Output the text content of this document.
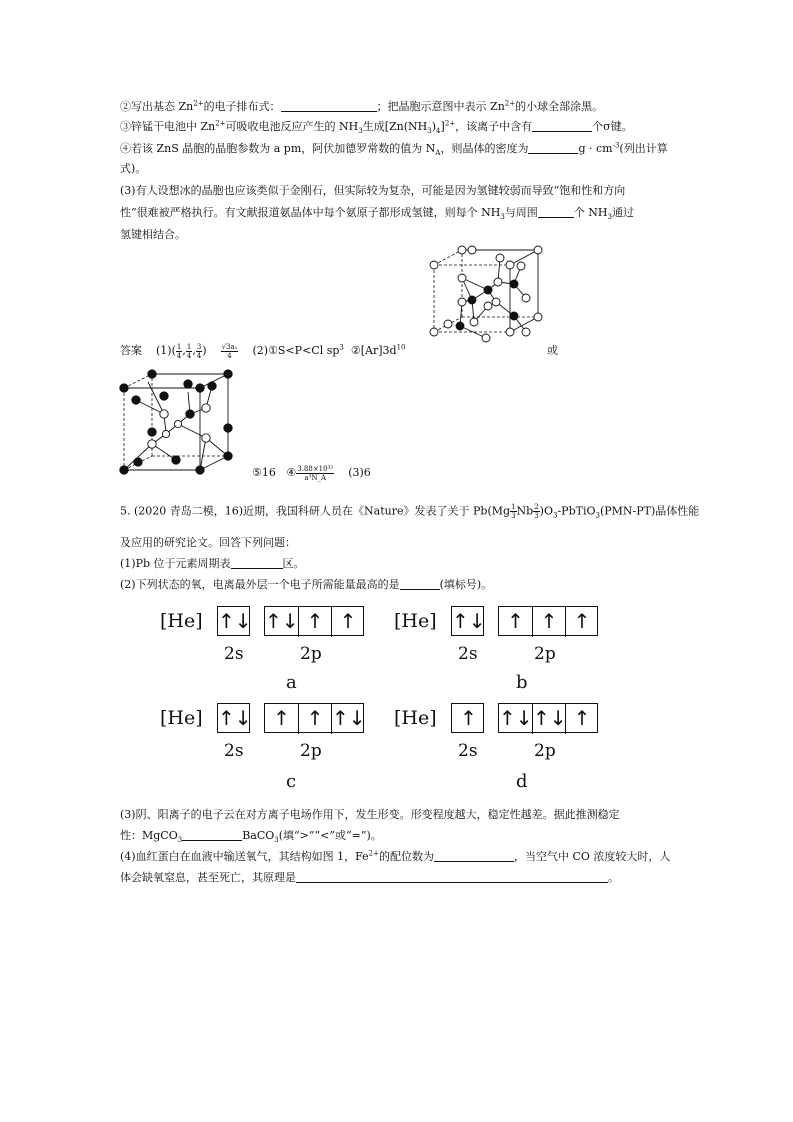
②写出基态 $Zn^{2+}$的电子排布式：	；把晶胞示意图中表示 $Zn^{2+}$的小球全部涂黑。
③锌锰干电池中 $Zn^{2+}$可吸收电池反应产生的 $NH_3$生成$[Zn(NH_3)_4]^{2+}$，该离子中含有	个σ键。
④若该 ZnS 晶胞的晶胞参数为 a pm，阿伏加德罗常数的值为 $N_A$，则晶体的密度为	$g \cdot cm^{-3}$(列出计算
式)。
(3)有人设想冰的晶胞也应该类似于金刚石，但实际较为复杂，可能是因为氢键较弱而导致“饱和性和方向
性”很难被严格执行。有文献报道氨晶体中每个氨原子都形成氢键，则每个 $NH_3$与周围	个 $NH_3$通过
氢键相结合。
答案 $(1)( \frac{1}{4}$ , $\frac{1}{4}$ , $\frac{3}{4}$ ) $\frac{\text{√3a₁}}{4}$ (2)①S<P<Cl $sp^3$ $②[Ar]3d^{10}$	或
⑤16 ④ $\frac{\text{3.88×10³²}}{\text{a³N\_A}} (3)6$
5. (2020 青岛二模，16)近期，我国科研人员在《Nature》发表了关于 $Pb(Mg \frac{1}{3}$ Nb $\frac{2}{3}$ )$O_3-PbTiO_3(PMN-PT)$晶体性能
及应用的研究论文。回答下列问题：
(1)Pb 位于元素周期表	区。
(2)下列状态的氧，电离最外层一个电子所需能量最高的是	(填标号)。
[He] ↑↓ ↑↓ ↑ ↑
2s	2p
a
[He] ↑↓	↑ ↑ ↑
2s	2p
b
[He] ↑↓	↑ ↑ ↑↓
2s	2p
c
[He]	↑	↑↓ ↑↓ ↑
2s	2p
d
(3)阴、阳离子的电子云在对方离子电场作用下，发生形变。形变程度越大，稳定性越差。据此推测稳定
性：MgCO$_3$	BaCO$_3$(填“>”“<”或“=”)。
(4)血红蛋白在血液中输送氧气，其结构如图 1，$Fe^{2+}$的配位数为	，当空气中 CO 浓度较大时，人
体会缺氧窒息，甚至死亡，其原理是	。
